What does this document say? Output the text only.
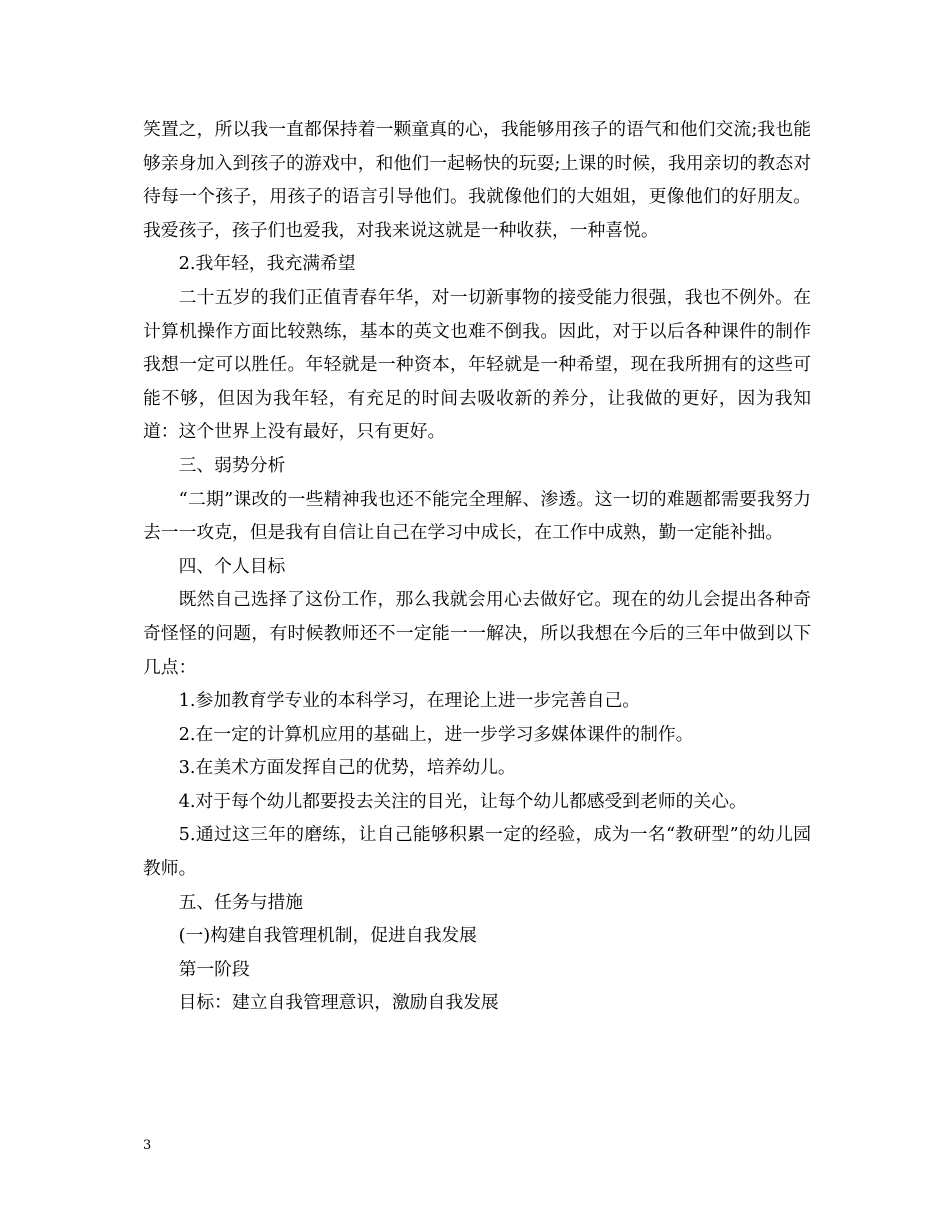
笑置之，所以我一直都保持着一颗童真的心，我能够用孩子的语气和他们交流;我也能够亲身加入到孩子的游戏中，和他们一起畅快的玩耍;上课的时候，我用亲切的教态对待每一个孩子，用孩子的语言引导他们。我就像他们的大姐姐，更像他们的好朋友。我爱孩子，孩子们也爱我，对我来说这就是一种收获，一种喜悦。

2.我年轻，我充满希望

二十五岁的我们正值青春年华，对一切新事物的接受能力很强，我也不例外。在计算机操作方面比较熟练，基本的英文也难不倒我。因此，对于以后各种课件的制作我想一定可以胜任。年轻就是一种资本，年轻就是一种希望，现在我所拥有的这些可能不够，但因为我年轻，有充足的时间去吸收新的养分，让我做的更好，因为我知道：这个世界上没有最好，只有更好。

三、弱势分析

“二期”课改的一些精神我也还不能完全理解、渗透。这一切的难题都需要我努力去一一攻克，但是我有自信让自己在学习中成长，在工作中成熟，勤一定能补拙。

四、个人目标

既然自己选择了这份工作，那么我就会用心去做好它。现在的幼儿会提出各种奇奇怪怪的问题，有时候教师还不一定能一一解决，所以我想在今后的三年中做到以下几点：

1.参加教育学专业的本科学习，在理论上进一步完善自己。

2.在一定的计算机应用的基础上，进一步学习多媒体课件的制作。

3.在美术方面发挥自己的优势，培养幼儿。

4.对于每个幼儿都要投去关注的目光，让每个幼儿都感受到老师的关心。

5.通过这三年的磨练，让自己能够积累一定的经验，成为一名“教研型”的幼儿园教师。

五、任务与措施

(一)构建自我管理机制，促进自我发展

第一阶段

目标：建立自我管理意识，激励自我发展

3
